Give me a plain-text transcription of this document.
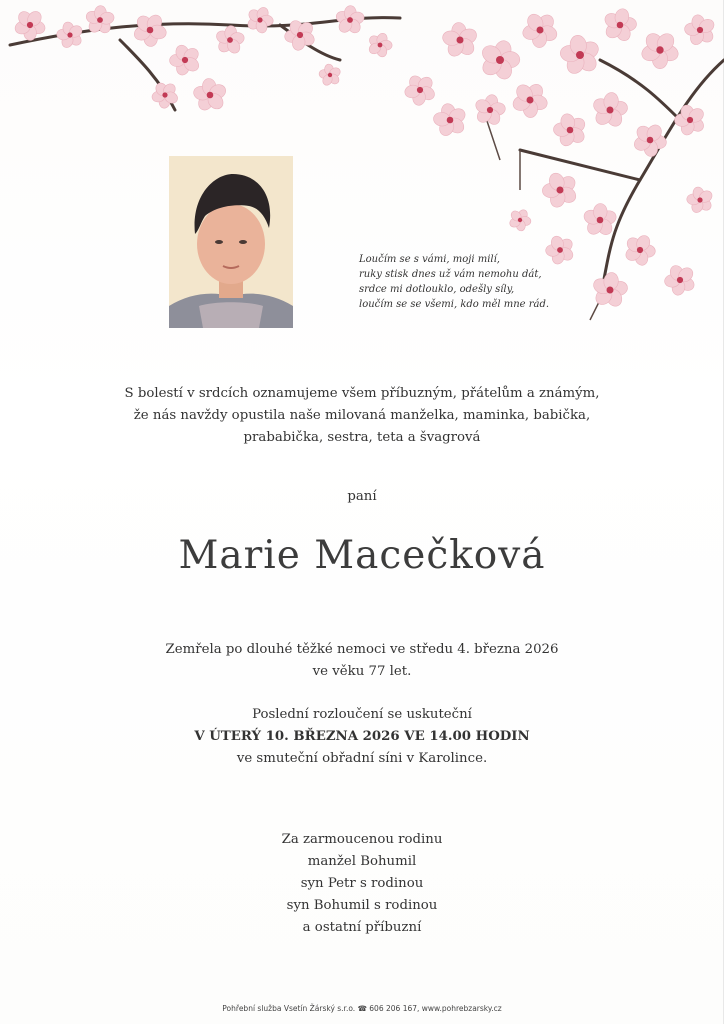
Loučím se s vámi, moji milí,
ruky stisk dnes už vám nemohu dát,
srdce mi dotlouklo, odešly síly,
loučím se se všemi, kdo měl mne rád.
S bolestí v srdcích oznamujeme všem příbuzným, přátelům a známým,
že nás navždy opustila naše milovaná manželka, maminka, babička,
prababička, sestra, teta a švagrová
paní
Marie Macečková
Zemřela po dlouhé těžké nemoci ve středu 4. března 2026
ve věku 77 let.
Poslední rozloučení se uskuteční
V ÚTERÝ 10. BŘEZNA 2026 VE 14.00 HODIN
ve smuteční obřadní síni v Karolince.
Za zarmoucenou rodinu
manžel Bohumil
syn Petr s rodinou
syn Bohumil s rodinou
a ostatní příbuzní
Pohřební služba Vsetín Žárský s.r.o. ☎ 606 206 167, www.pohrebzarsky.cz
